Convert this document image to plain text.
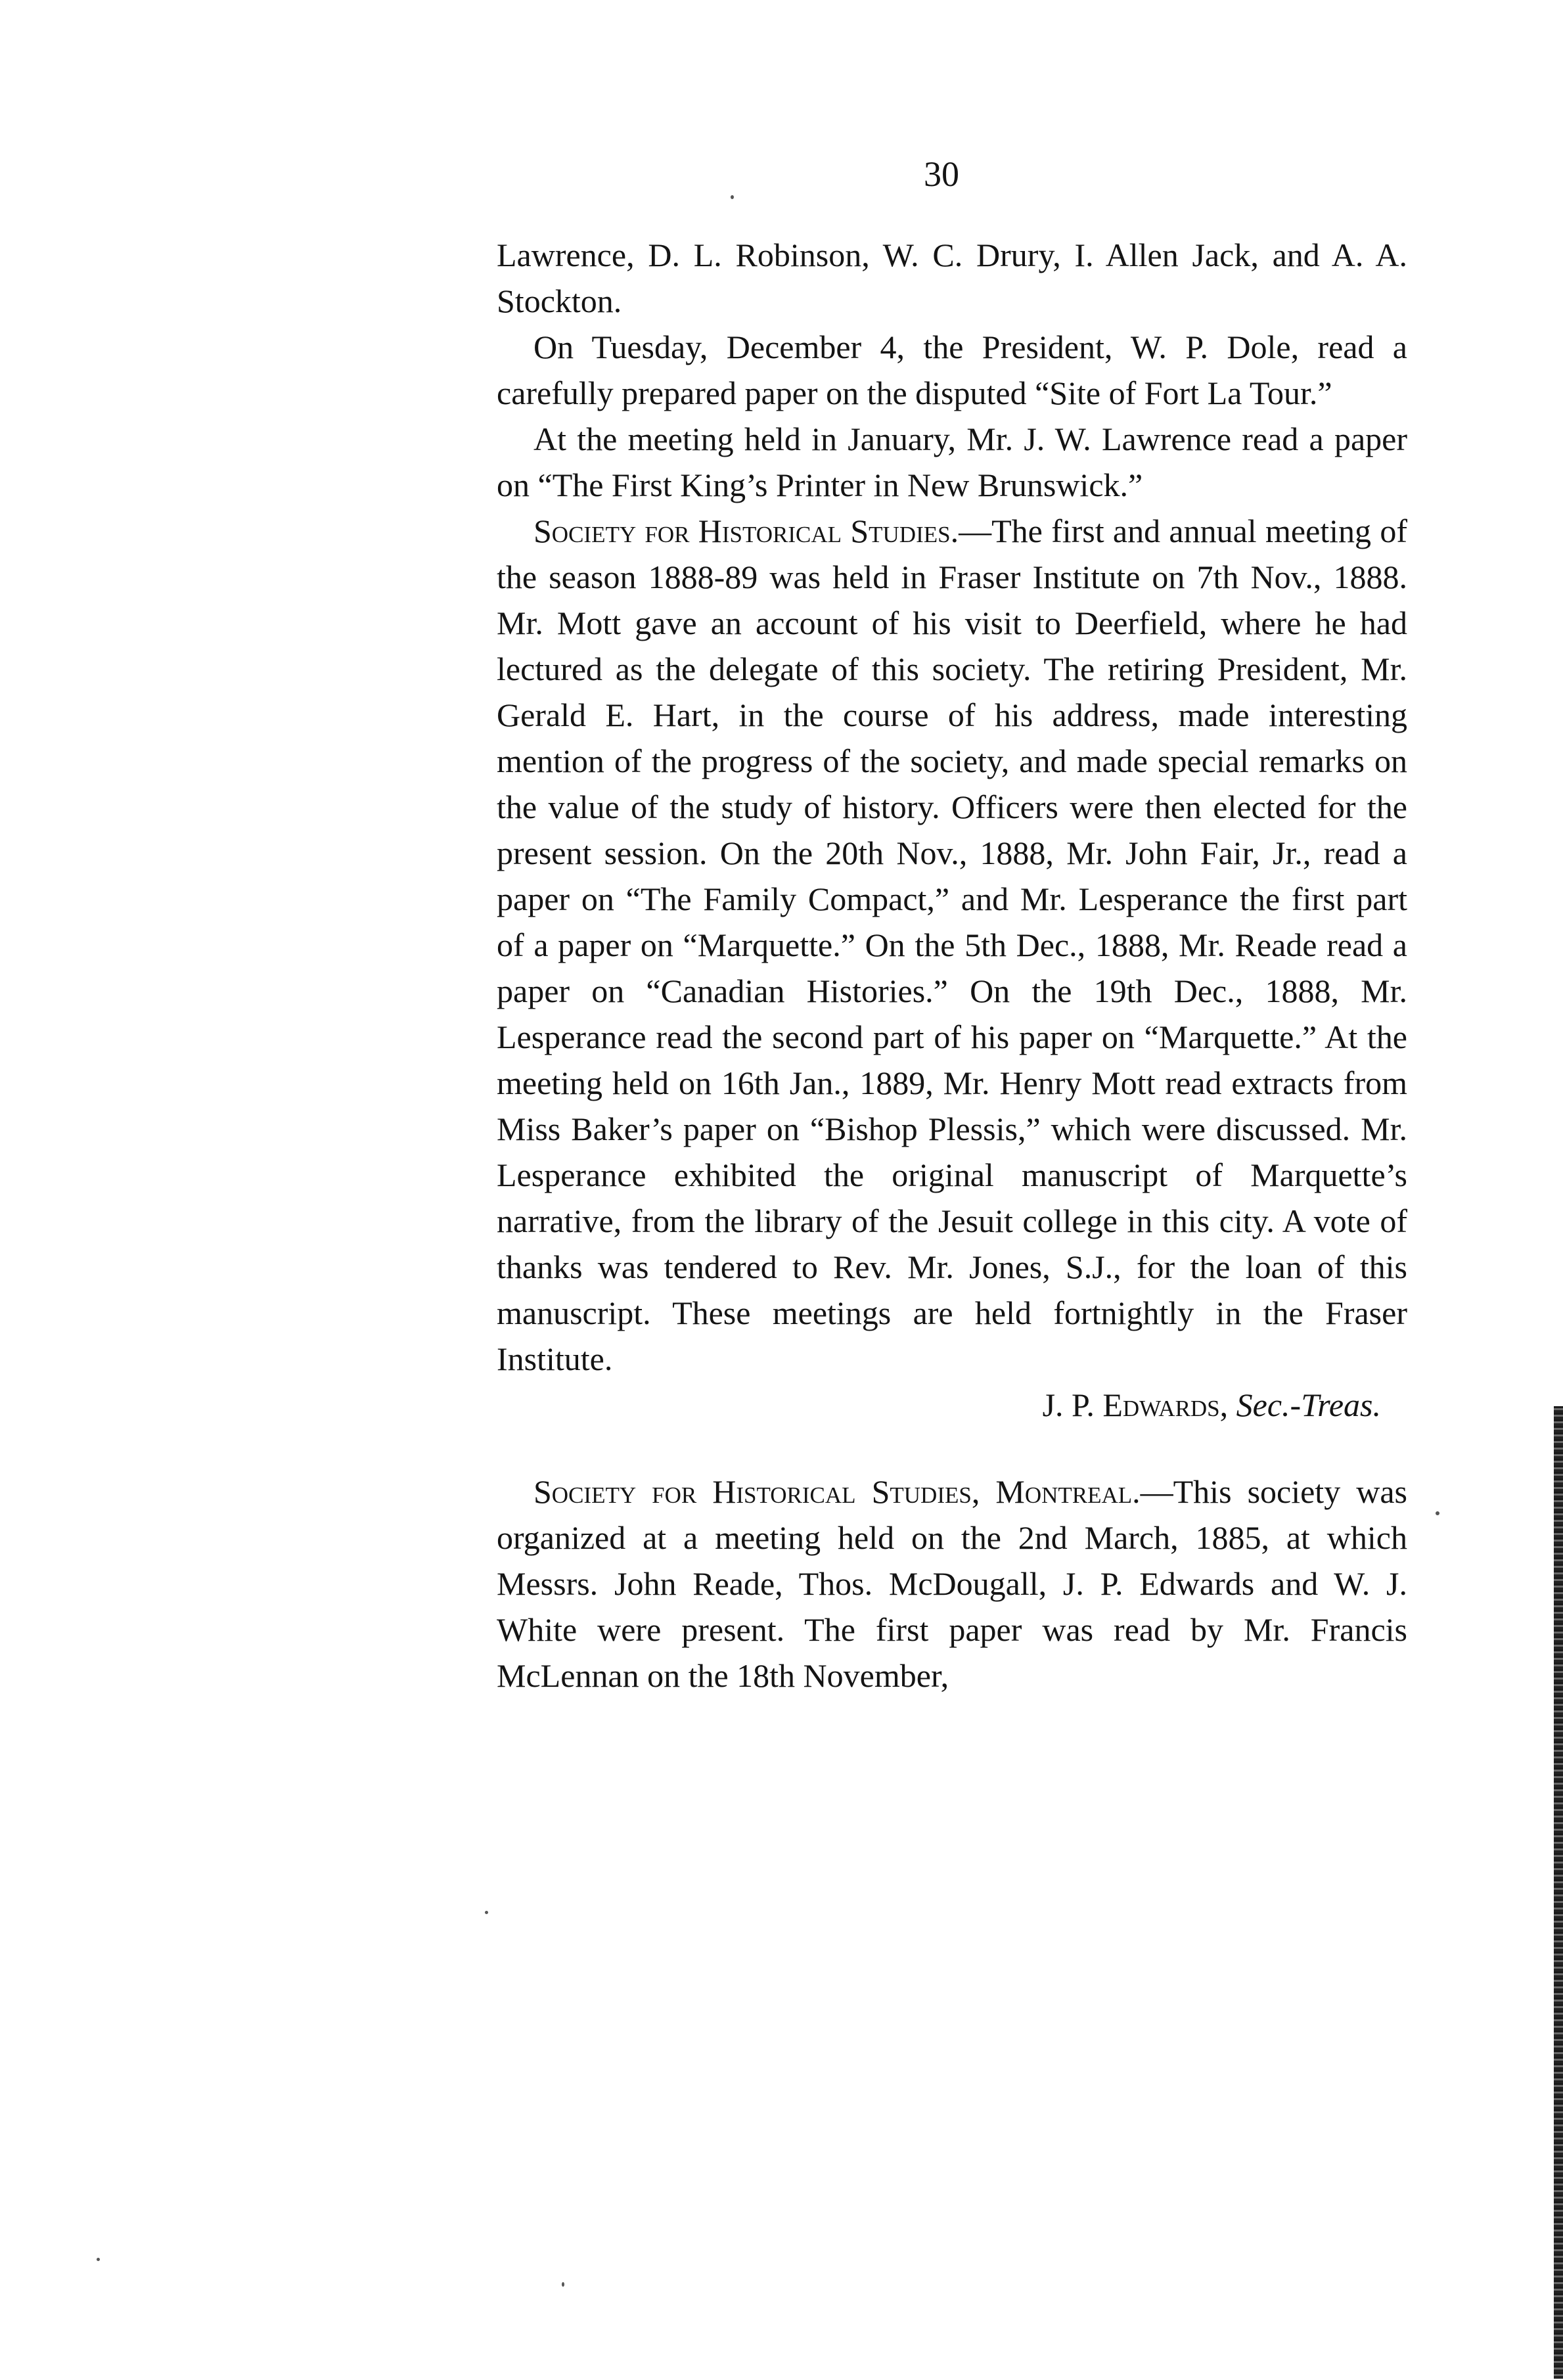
30

Lawrence, D. L. Robinson, W. C. Drury, I. Allen Jack, and A. A. Stockton.

On Tuesday, December 4, the President, W. P. Dole, read a carefully prepared paper on the disputed “Site of Fort La Tour.”

At the meeting held in January, Mr. J. W. Lawrence read a paper on “The First King’s Printer in New Brunswick.”

Society for Historical Studies.—The first and annual meeting of the season 1888-89 was held in Fraser Institute on 7th Nov., 1888. Mr. Mott gave an account of his visit to Deerfield, where he had lectured as the delegate of this society. The retiring President, Mr. Gerald E. Hart, in the course of his address, made interesting mention of the progress of the society, and made special remarks on the value of the study of history. Officers were then elected for the present session. On the 20th Nov., 1888, Mr. John Fair, Jr., read a paper on “The Family Compact,” and Mr. Lesperance the first part of a paper on “Marquette.” On the 5th Dec., 1888, Mr. Reade read a paper on “Canadian Histories.” On the 19th Dec., 1888, Mr. Lesperance read the second part of his paper on “Marquette.” At the meeting held on 16th Jan., 1889, Mr. Henry Mott read extracts from Miss Baker’s paper on “Bishop Plessis,” which were discussed. Mr. Lesperance exhibited the original manuscript of Marquette’s narrative, from the library of the Jesuit college in this city. A vote of thanks was tendered to Rev. Mr. Jones, S.J., for the loan of this manuscript. These meetings are held fortnightly in the Fraser Institute.

J. P. Edwards, Sec.-Treas.

Society for Historical Studies, Montreal.—This society was organized at a meeting held on the 2nd March, 1885, at which Messrs. John Reade, Thos. McDougall, J. P. Edwards and W. J. White were present. The first paper was read by Mr. Francis McLennan on the 18th November,
